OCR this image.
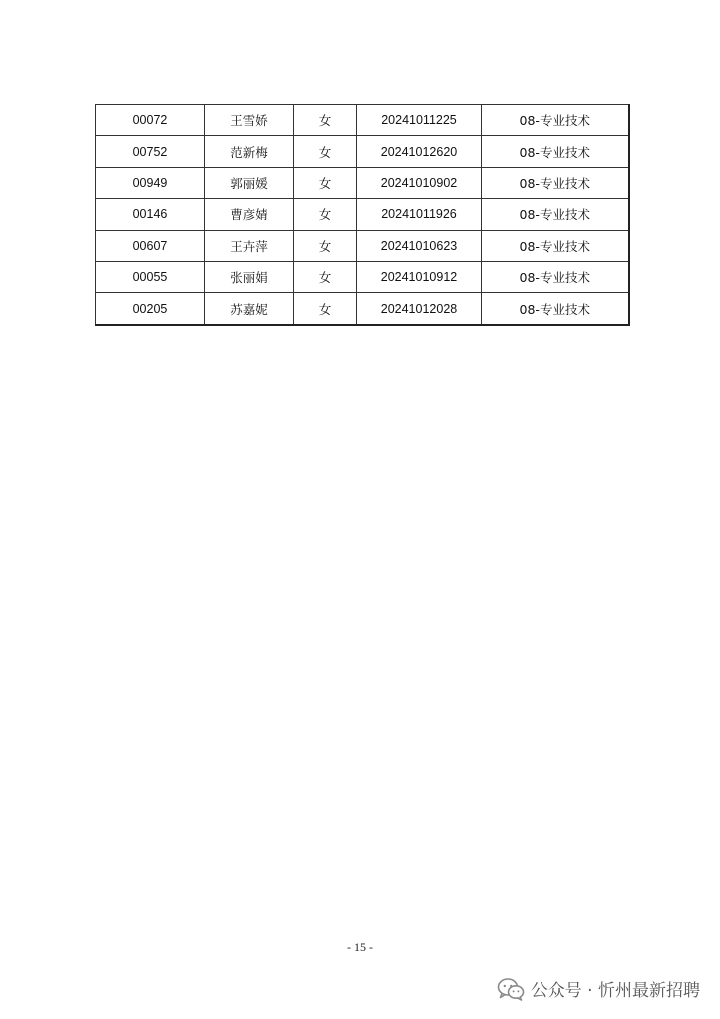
00072	王雪娇	女	20241011225	08-专业技术
00752	范新梅	女	20241012620	08-专业技术
00949	郭丽媛	女	20241010902	08-专业技术
00146	曹彦婧	女	20241011926	08-专业技术
00607	王卉萍	女	20241010623	08-专业技术
00055	张丽娟	女	20241010912	08-专业技术
00205	苏嘉妮	女	20241012028	08-专业技术
- 15 -
公众号 · 忻州最新招聘
